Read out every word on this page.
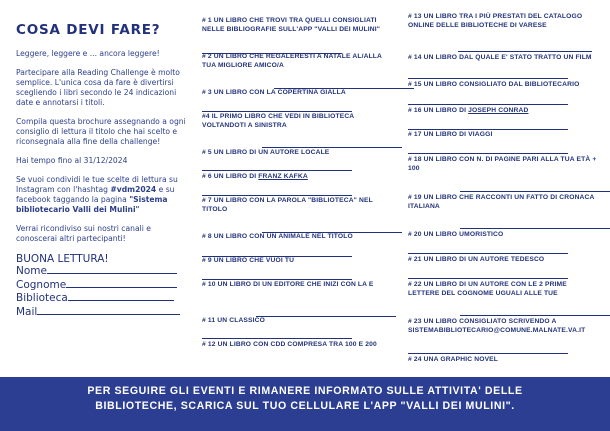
COSA DEVI FARE?

Leggere, leggere e ... ancora leggere!

Partecipare alla Reading Challenge è molto semplice. L'unica cosa da fare è divertirsi scegliendo i libri secondo le 24 indicazioni date e annotarsi i titoli.

Compila questa brochure assegnando a ogni consiglio di lettura il titolo che hai scelto e riconsegnala alla fine della challenge!

Hai tempo fino al 31/12/2024

Se vuoi condividi le tue scelte di lettura su Instagram con l'hashtag #vdm2024 e su facebook taggando la pagina "Sistema bibliotecario Valli dei Mulini"

Verrai ricondiviso sui nostri canali e conoscerai altri partecipanti!

BUONA LETTURA!
Nome
Cognome
Biblioteca
Mail
# 1 UN LIBRO CHE TROVI TRA QUELLI CONSIGLIATI NELLE BIBLIOGRAFIE SULL'APP "VALLI DEI MULINI"
# 2 UN LIBRO CHE REGALERESTI A NATALE AL/ALLA TUA MIGLIORE AMICO/A
# 3 UN LIBRO CON LA COPERTINA GIALLA
#4 IL PRIMO LIBRO CHE VEDI IN BIBLIOTECA VOLTANDOTI A SINISTRA
# 5 UN LIBRO DI UN AUTORE LOCALE
# 6 UN LIBRO DI FRANZ KAFKA
# 7 UN LIBRO CON LA PAROLA "BIBLIOTECA" NEL TITOLO
# 8 UN LIBRO CON UN ANIMALE NEL TITOLO
# 9 UN LIBRO CHE VUOI TU
# 10 UN LIBRO DI UN EDITORE CHE INIZI CON LA E
# 11 UN CLASSICO
# 12 UN LIBRO CON CDD COMPRESA TRA 100 E 200
# 13 UN LIBRO TRA I PIÙ PRESTATI DEL CATALOGO ONLINE DELLE BIBLIOTECHE DI VARESE
# 14 UN LIBRO DAL QUALE E' STATO TRATTO UN FILM
# 15 UN LIBRO CONSIGLIATO DAL BIBLIOTECARIO
# 16 UN LIBRO DI JOSEPH CONRAD
# 17 UN LIBRO DI VIAGGI
# 18 UN LIBRO CON N. DI PAGINE PARI ALLA TUA ETÀ + 100
# 19 UN LIBRO CHE RACCONTI UN FATTO DI CRONACA ITALIANA
# 20 UN LIBRO UMORISTICO
# 21 UN LIBRO DI UN AUTORE TEDESCO
# 22 UN LIBRO DI UN AUTORE CON LE 2 PRIME LETTERE DEL COGNOME UGUALI ALLE TUE
# 23 UN LIBRO CONSIGLIATO SCRIVENDO A SISTEMABIBLIOTECARIO@COMUNE.MALNATE.VA.IT
# 24 UNA GRAPHIC NOVEL
PER SEGUIRE GLI EVENTI E RIMANERE INFORMATO SULLE ATTIVITA' DELLE
BIBLIOTECHE, SCARICA SUL TUO CELLULARE L'APP "VALLI DEI MULINI".
